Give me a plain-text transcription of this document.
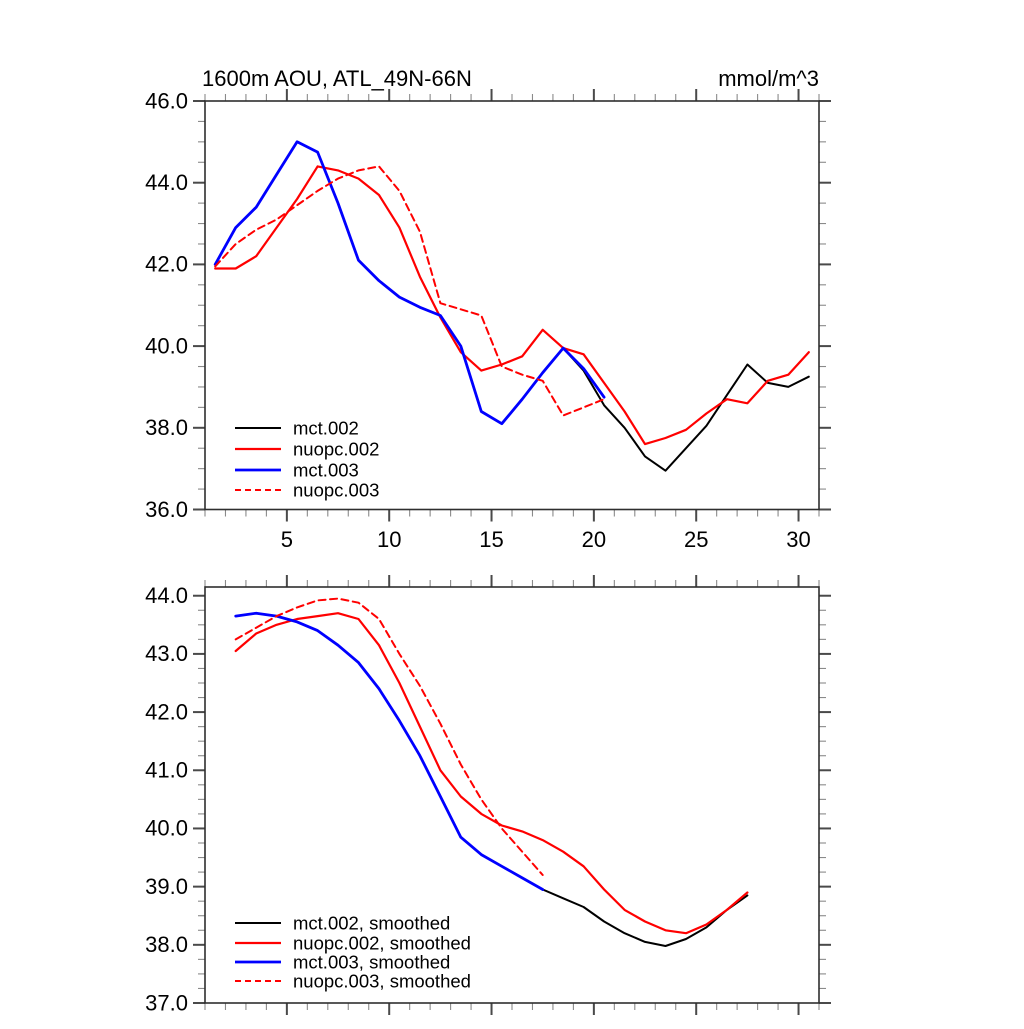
36.0
38.0
40.0
42.0
44.0
46.0
5	10	15	20	25	30
1600m AOU, ATL_49N-66N	mmol/m^3
mct.002
nuopc.002
mct.003
nuopc.003
37.0
38.0
39.0
40.0
41.0
42.0
43.0
44.0
mct.002, smoothed
nuopc.002, smoothed
mct.003, smoothed
nuopc.003, smoothed
